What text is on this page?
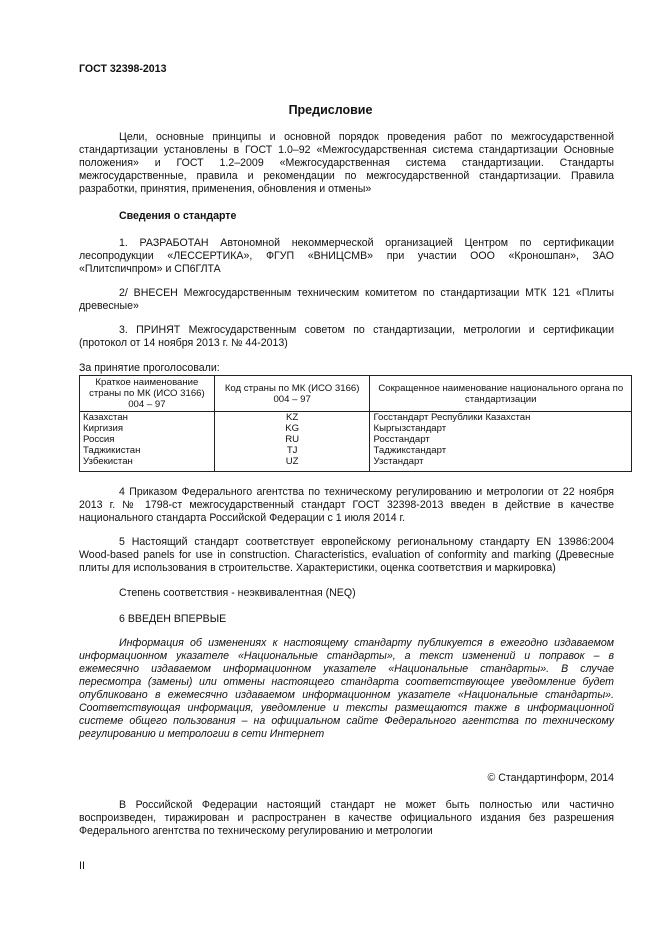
ГОСТ 32398-2013
Предисловие
Цели, основные принципы и основной порядок проведения работ по межгосударственной стандартизации установлены в ГОСТ 1.0–92 «Межгосударственная система стандартизации Основные положения» и ГОСТ 1.2–2009 «Межгосударственная система стандартизации. Стандарты межгосударственные, правила и рекомендации по межгосударственной стандартизации. Правила разработки, принятия, применения, обновления и отмены»
Сведения о стандарте
1. РАЗРАБОТАН Автономной некоммерческой организацией Центром по сертификации лесопродукции «ЛЕССЕРТИКА», ФГУП «ВНИЦСМВ» при участии ООО «Кроношпан», ЗАО «Плитспичпром» и СП6ГЛТА
2/ ВНЕСЕН Межгосударственным техническим комитетом по стандартизации МТК 121 «Плиты древесные»
3. ПРИНЯТ Межгосударственным советом по стандартизации, метрологии и сертификации (протокол от 14 ноября 2013 г. № 44-2013)
За принятие проголосовали:
Краткое наименование страны по МК (ИСО 3166) 004 – 97	Код страны по МК (ИСО 3166) 004 – 97	Сокращенное наименование национального органа по стандартизации
Казахстан	KZ	Госстандарт Республики Казахстан
Киргизия	KG	Кыргызстандарт
Россия	RU	Росстандарт
Таджикистан	TJ	Таджикстандарт
Узбекистан	UZ	Узстандарт
4 Приказом Федерального агентства по техническому регулированию и метрологии от 22 ноября 2013 г. № 1798-ст межгосударственный стандарт ГОСТ 32398-2013 введен в действие в качестве национального стандарта Российской Федерации с 1 июля 2014 г.
5 Настоящий стандарт соответствует европейскому региональному стандарту EN 13986:2004 Wood-based panels for use in construction. Characteristics, evaluation of conformity and marking (Древесные плиты для использования в строительстве. Характеристики, оценка соответствия и маркировка)
Степень соответствия - неэквивалентная (NEQ)
6 ВВЕДЕН ВПЕРВЫЕ
Информация об изменениях к настоящему стандарту публикуется в ежегодно издаваемом информационном указателе «Национальные стандарты», а текст изменений и поправок – в ежемесячно издаваемом информационном указателе «Национальные стандарты». В случае пересмотра (замены) или отмены настоящего стандарта соответствующее уведомление будет опубликовано в ежемесячно издаваемом информационном указателе «Национальные стандарты». Соответствующая информация, уведомление и тексты размещаются также в информационной системе общего пользования – на официальном сайте Федерального агентства по техническому регулированию и метрологии в сети Интернет
© Стандартинформ, 2014
В Российской Федерации настоящий стандарт не может быть полностью или частично воспроизведен, тиражирован и распространен в качестве официального издания без разрешения Федерального агентства по техническому регулированию и метрологии
II
